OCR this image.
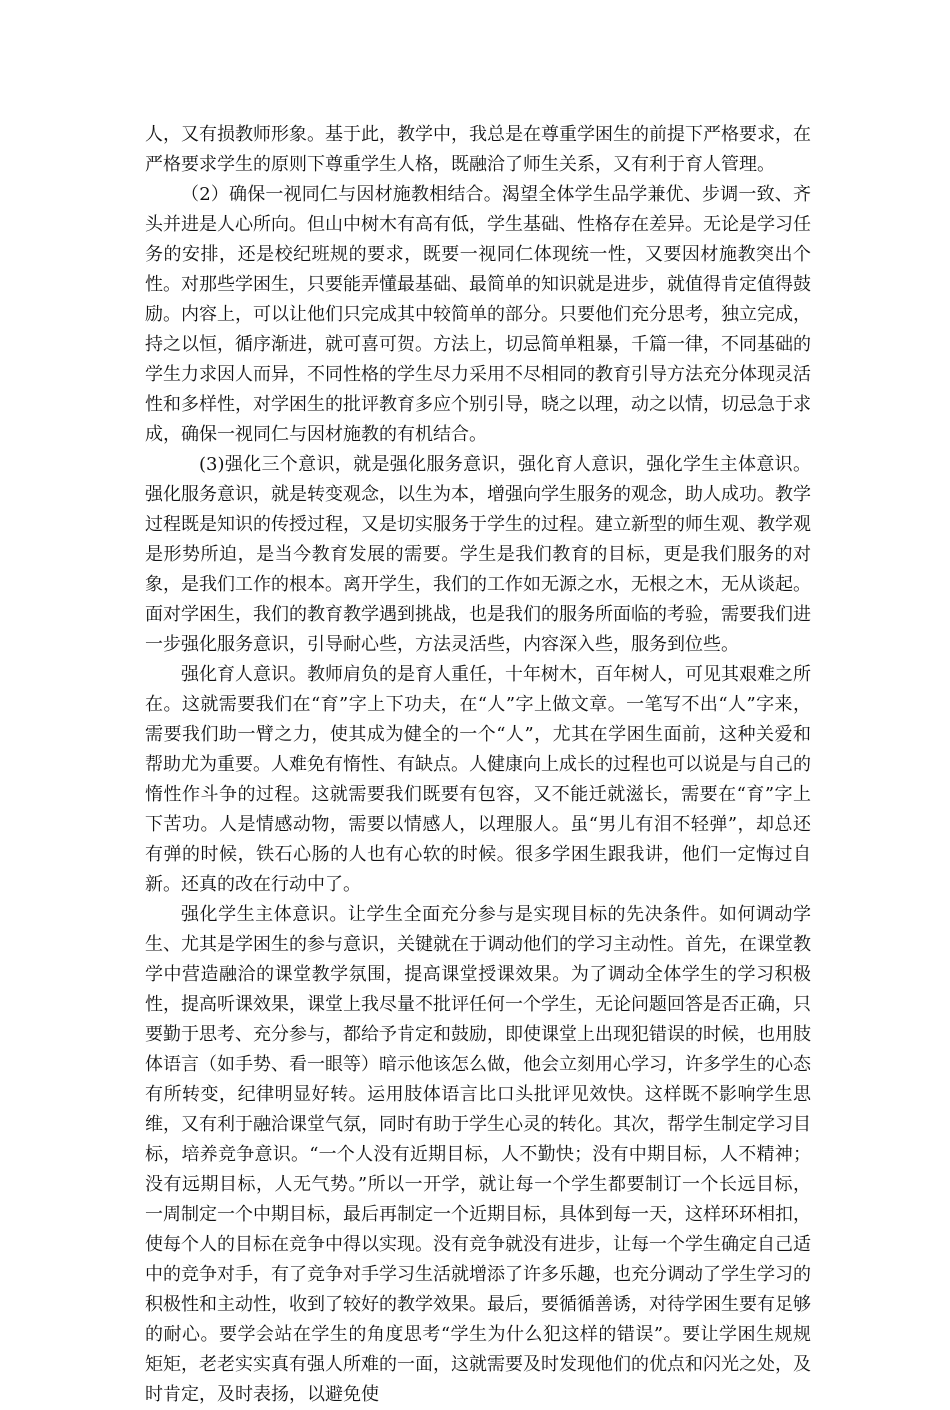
人，又有损教师形象。基于此，教学中，我总是在尊重学困生的前提下严格要求，在严格要求学生的原则下尊重学生人格，既融洽了师生关系，又有利于育人管理。

（2）确保一视同仁与因材施教相结合。渴望全体学生品学兼优、步调一致、齐头并进是人心所向。但山中树木有高有低，学生基础、性格存在差异。无论是学习任务的安排，还是校纪班规的要求，既要一视同仁体现统一性，又要因材施教突出个性。对那些学困生，只要能弄懂最基础、最简单的知识就是进步，就值得肯定值得鼓励。内容上，可以让他们只完成其中较简单的部分。只要他们充分思考，独立完成，持之以恒，循序渐进，就可喜可贺。方法上，切忌简单粗暴，千篇一律，不同基础的学生力求因人而异，不同性格的学生尽力采用不尽相同的教育引导方法充分体现灵活性和多样性，对学困生的批评教育多应个别引导，晓之以理，动之以情，切忌急于求成，确保一视同仁与因材施教的有机结合。

(3)强化三个意识，就是强化服务意识，强化育人意识，强化学生主体意识。强化服务意识，就是转变观念，以生为本，增强向学生服务的观念，助人成功。教学过程既是知识的传授过程，又是切实服务于学生的过程。建立新型的师生观、教学观是形势所迫，是当今教育发展的需要。学生是我们教育的目标，更是我们服务的对象，是我们工作的根本。离开学生，我们的工作如无源之水，无根之木，无从谈起。面对学困生，我们的教育教学遇到挑战，也是我们的服务所面临的考验，需要我们进一步强化服务意识，引导耐心些，方法灵活些，内容深入些，服务到位些。

强化育人意识。教师肩负的是育人重任，十年树木，百年树人，可见其艰难之所在。这就需要我们在“育”字上下功夫，在“人”字上做文章。一笔写不出“人”字来，需要我们助一臂之力，使其成为健全的一个“人”，尤其在学困生面前，这种关爱和帮助尤为重要。人难免有惰性、有缺点。人健康向上成长的过程也可以说是与自己的惰性作斗争的过程。这就需要我们既要有包容，又不能迁就滋长，需要在“育”字上下苦功。人是情感动物，需要以情感人，以理服人。虽“男儿有泪不轻弹”，却总还有弹的时候，铁石心肠的人也有心软的时候。很多学困生跟我讲，他们一定悔过自新。还真的改在行动中了。

强化学生主体意识。让学生全面充分参与是实现目标的先决条件。如何调动学生、尤其是学困生的参与意识，关键就在于调动他们的学习主动性。首先，在课堂教学中营造融洽的课堂教学氛围，提高课堂授课效果。为了调动全体学生的学习积极性，提高听课效果，课堂上我尽量不批评任何一个学生，无论问题回答是否正确，只要勤于思考、充分参与，都给予肯定和鼓励，即使课堂上出现犯错误的时候，也用肢体语言（如手势、看一眼等）暗示他该怎么做，他会立刻用心学习，许多学生的心态有所转变，纪律明显好转。运用肢体语言比口头批评见效快。这样既不影响学生思维，又有利于融洽课堂气氛，同时有助于学生心灵的转化。其次，帮学生制定学习目标，培养竞争意识。“一个人没有近期目标，人不勤快；没有中期目标，人不精神；没有远期目标，人无气势。”所以一开学，就让每一个学生都要制订一个长远目标，一周制定一个中期目标，最后再制定一个近期目标，具体到每一天，这样环环相扣，使每个人的目标在竞争中得以实现。没有竞争就没有进步，让每一个学生确定自己适中的竞争对手，有了竞争对手学习生活就增添了许多乐趣，也充分调动了学生学习的积极性和主动性，收到了较好的教学效果。最后，要循循善诱，对待学困生要有足够的耐心。要学会站在学生的角度思考“学生为什么犯这样的错误”。要让学困生规规矩矩，老老实实真有强人所难的一面，这就需要及时发现他们的优点和闪光之处，及时肯定，及时表扬，以避免使
